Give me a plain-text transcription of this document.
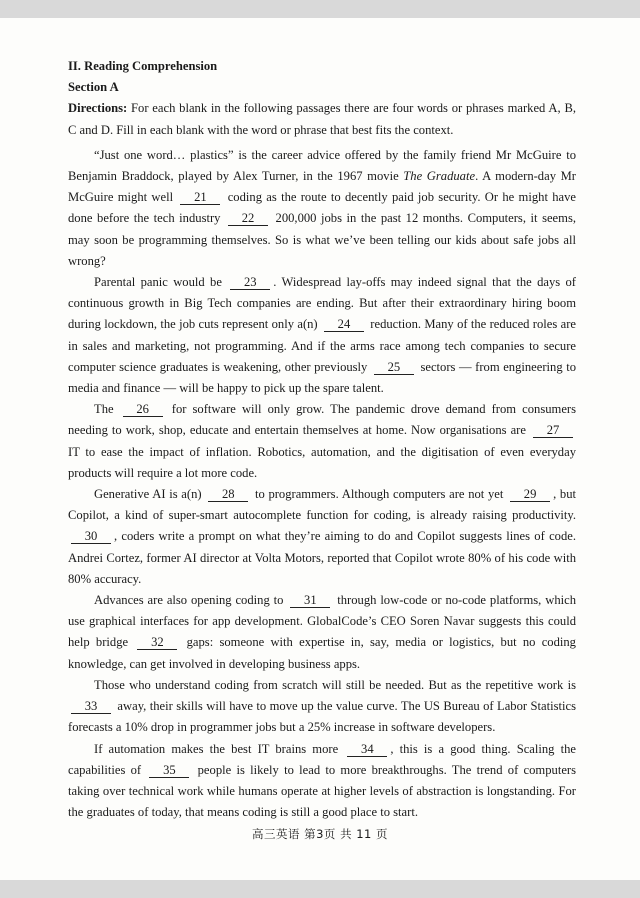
II. Reading Comprehension

Section A

Directions: For each blank in the following passages there are four words or phrases marked A, B, C and D. Fill in each blank with the word or phrase that best fits the context.

“Just one word… plastics” is the career advice offered by the family friend Mr McGuire to Benjamin Braddock, played by Alex Turner, in the 1967 movie The Graduate. A modern-day Mr McGuire might well 21 coding as the route to decently paid job security. Or he might have done before the tech industry 22 200,000 jobs in the past 12 months. Computers, it seems, may soon be programming themselves. So is what we’ve been telling our kids about safe jobs all wrong?

Parental panic would be 23 . Widespread lay-offs may indeed signal that the days of continuous growth in Big Tech companies are ending. But after their extraordinary hiring boom during lockdown, the job cuts represent only a(n) 24 reduction. Many of the reduced roles are in sales and marketing, not programming. And if the arms race among tech companies to secure computer science graduates is weakening, other previously 25 sectors — from engineering to media and finance — will be happy to pick up the spare talent.

The 26 for software will only grow. The pandemic drove demand from consumers needing to work, shop, educate and entertain themselves at home. Now organisations are 27 IT to ease the impact of inflation. Robotics, automation, and the digitisation of even everyday products will require a lot more code.

Generative AI is a(n) 28 to programmers. Although computers are not yet 29 , but Copilot, a kind of super-smart autocomplete function for coding, is already raising productivity. 30 , coders write a prompt on what they’re aiming to do and Copilot suggests lines of code. Andrei Cortez, former AI director at Volta Motors, reported that Copilot wrote 80% of his code with 80% accuracy.

Advances are also opening coding to 31 through low-code or no-code platforms, which use graphical interfaces for app development. GlobalCode’s CEO Soren Navar suggests this could help bridge 32 gaps: someone with expertise in, say, media or logistics, but no coding knowledge, can get involved in developing business apps.

Those who understand coding from scratch will still be needed. But as the repetitive work is 33 away, their skills will have to move up the value curve. The US Bureau of Labor Statistics forecasts a 10% drop in programmer jobs but a 25% increase in software developers.

If automation makes the best IT brains more 34 , this is a good thing. Scaling the capabilities of 35 people is likely to lead to more breakthroughs. The trend of computers taking over technical work while humans operate at higher levels of abstraction is longstanding. For the graduates of today, that means coding is still a good place to start.

高三英语 第3页 共 11 页
